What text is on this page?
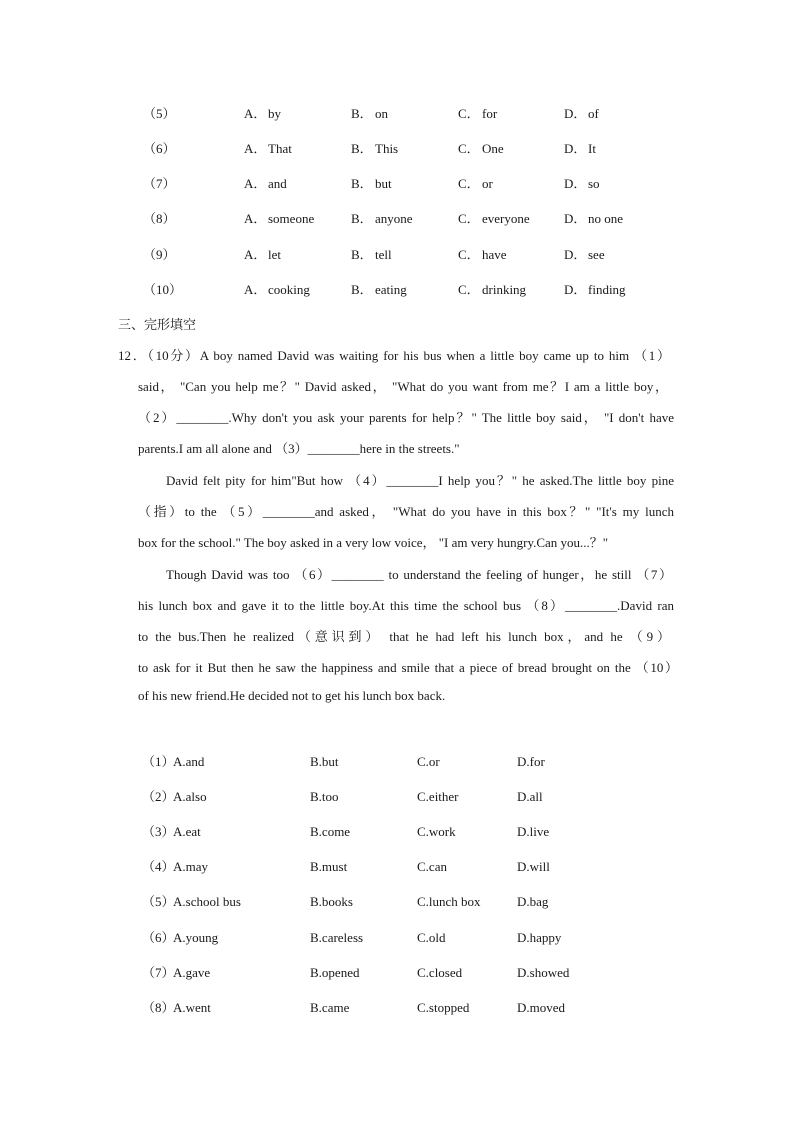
（5）	A． by	B． on	C． for	D． of
（6）	A． That	B． This	C． One	D． It
（7）	A． and	B． but	C． or	D． so
（8）	A． someone	B． anyone	C． everyone	D． no one
（9）	A． let	B． tell	C． have	D． see
（10）	A． cooking	B． eating	C． drinking	D． finding
三、完形填空
12．（10分）A boy named David was waiting for his bus when a little boy came up to him （1）
said， "Can you help me？" David asked， "What do you want from me？I am a little boy，
（2）________.Why don't you ask your parents for help？" The little boy said， "I don't have
parents.I am all alone and （3）________here in the streets."
David felt pity for him"But how （4）________I help you？" he asked.The little boy pine
（指）to the （5）________and asked， "What do you have in this box？" "It's my lunch
box for the school." The boy asked in a very low voice， "I am very hungry.Can you...？"
Though David was too （6）________ to understand the feeling of hunger，he still （7）
his lunch box and gave it to the little boy.At this time the school bus （8）________.David ran
to the bus.Then he realized（意识到） that he had left his lunch box，and he （9）
to ask for it But then he saw the happiness and smile that a piece of bread brought on the （10）
of his new friend.He decided not to get his lunch box back.
（1）
A.and	B.but	C.or	D.for
（2）
A.also	B.too	C.either	D.all
（3）
A.eat	B.come	C.work	D.live
（4）
A.may	B.must	C.can	D.will
（5）
A.school bus	B.books	C.lunch box	D.bag
（6）
A.young	B.careless	C.old	D.happy
（7）
A.gave	B.opened	C.closed	D.showed
（8）
A.went	B.came	C.stopped	D.moved
